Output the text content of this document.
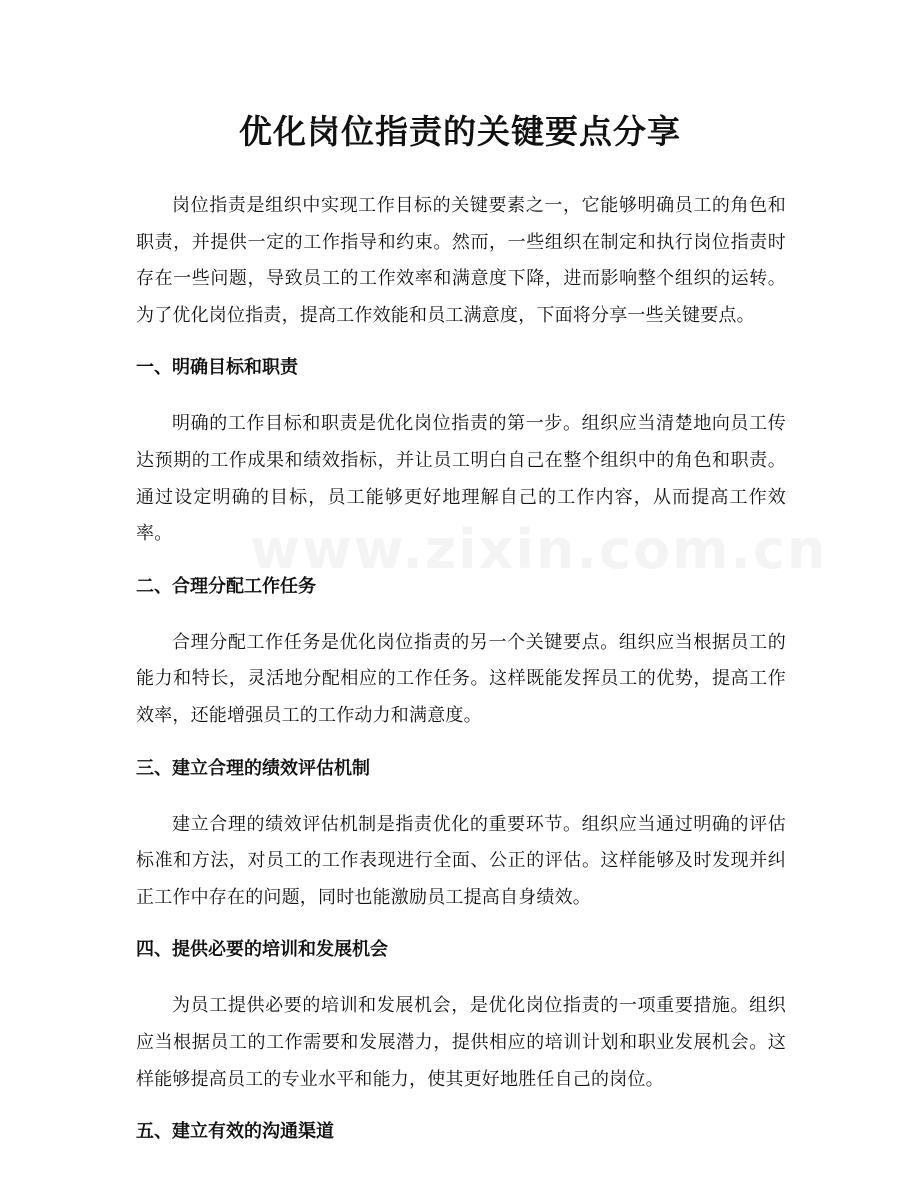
www.zixin.com.cn
优化岗位指责的关键要点分享

岗位指责是组织中实现工作目标的关键要素之一，它能够明确员工的角色和职责，并提供一定的工作指导和约束。然而，一些组织在制定和执行岗位指责时存在一些问题，导致员工的工作效率和满意度下降，进而影响整个组织的运转。为了优化岗位指责，提高工作效能和员工满意度，下面将分享一些关键要点。

一、明确目标和职责

明确的工作目标和职责是优化岗位指责的第一步。组织应当清楚地向员工传达预期的工作成果和绩效指标，并让员工明白自己在整个组织中的角色和职责。通过设定明确的目标，员工能够更好地理解自己的工作内容，从而提高工作效率。

二、合理分配工作任务

合理分配工作任务是优化岗位指责的另一个关键要点。组织应当根据员工的能力和特长，灵活地分配相应的工作任务。这样既能发挥员工的优势，提高工作效率，还能增强员工的工作动力和满意度。

三、建立合理的绩效评估机制

建立合理的绩效评估机制是指责优化的重要环节。组织应当通过明确的评估标准和方法，对员工的工作表现进行全面、公正的评估。这样能够及时发现并纠正工作中存在的问题，同时也能激励员工提高自身绩效。

四、提供必要的培训和发展机会

为员工提供必要的培训和发展机会，是优化岗位指责的一项重要措施。组织应当根据员工的工作需要和发展潜力，提供相应的培训计划和职业发展机会。这样能够提高员工的专业水平和能力，使其更好地胜任自己的岗位。

五、建立有效的沟通渠道
